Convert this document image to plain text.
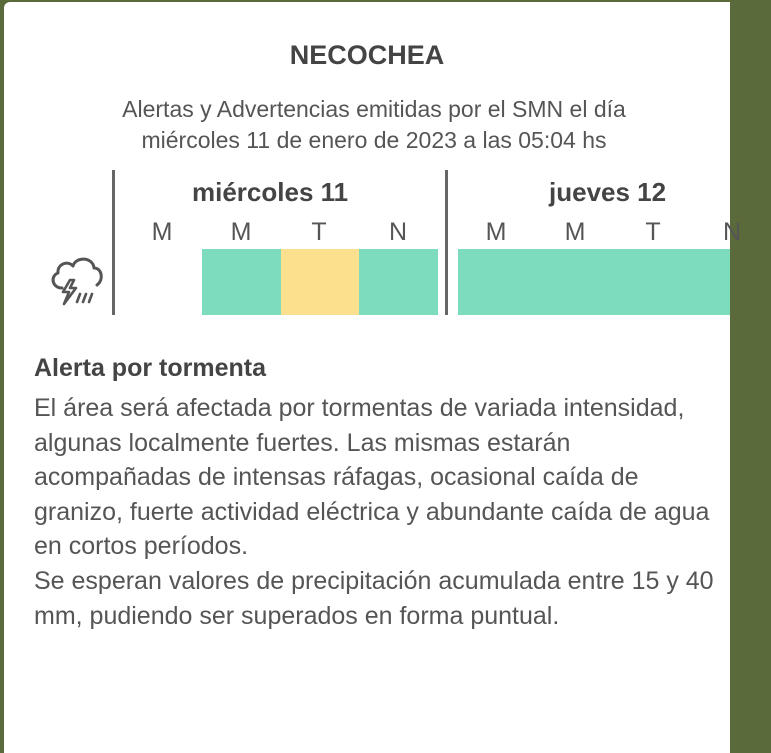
NECOCHEA
Alertas y Advertencias emitidas por el SMN el día
miércoles 11 de enero de 2023 a las 05:04 hs
miércoles 11	jueves 12
M	M	T	N	M	M	T	N
Alerta por tormenta

El área será afectada por tormentas de variada intensidad, algunas localmente fuertes. Las mismas estarán acompañadas de intensas ráfagas, ocasional caída de granizo, fuerte actividad eléctrica y abundante caída de agua en cortos períodos.

Se esperan valores de precipitación acumulada entre 15 y 40 mm, pudiendo ser superados en forma puntual.
